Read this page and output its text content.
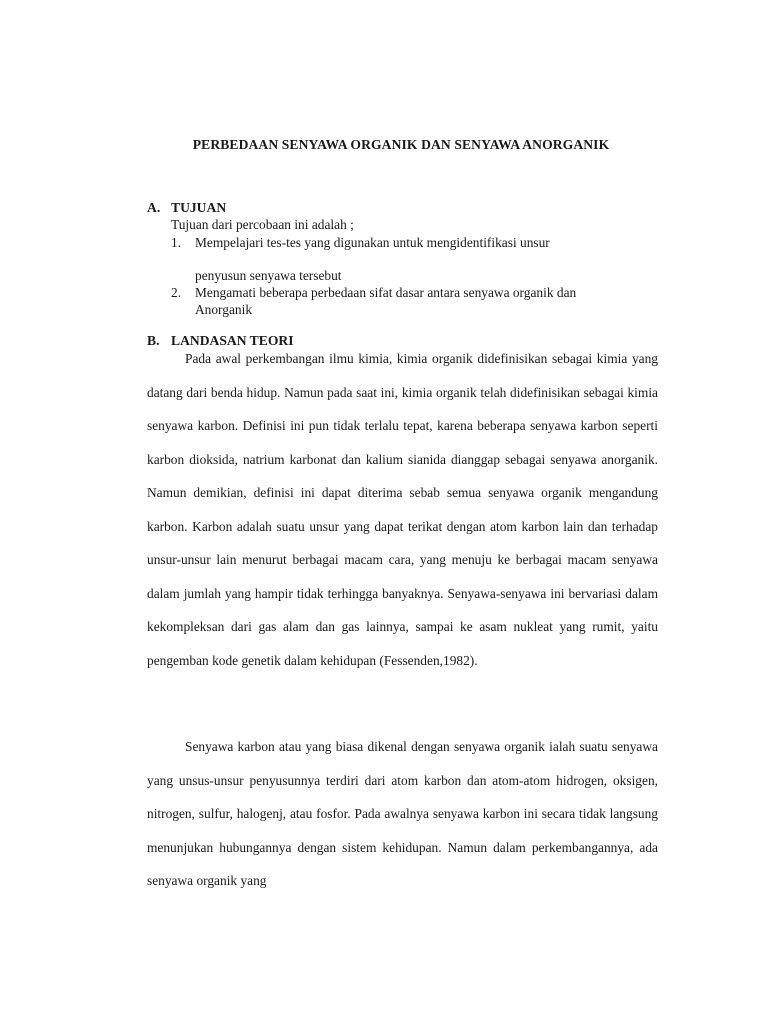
PERBEDAAN SENYAWA ORGANIK DAN SENYAWA ANORGANIK
A. TUJUAN
Tujuan dari percobaan ini adalah ;
1. Mempelajari tes-tes yang digunakan untuk mengidentifikasi unsur
penyusun senyawa tersebut
2. Mengamati beberapa perbedaan sifat dasar antara senyawa organik dan
Anorganik
B. LANDASAN TEORI

Pada awal perkembangan ilmu kimia, kimia organik didefinisikan sebagai kimia yang datang dari benda hidup. Namun pada saat ini, kimia organik telah didefinisikan sebagai kimia senyawa karbon. Definisi ini pun tidak terlalu tepat, karena beberapa senyawa karbon seperti karbon dioksida, natrium karbonat dan kalium sianida dianggap sebagai senyawa anorganik. Namun demikian, definisi ini dapat diterima sebab semua senyawa organik mengandung karbon. Karbon adalah suatu unsur yang dapat terikat dengan atom karbon lain dan terhadap unsur-unsur lain menurut berbagai macam cara, yang menuju ke berbagai macam senyawa dalam jumlah yang hampir tidak terhingga banyaknya. Senyawa-senyawa ini bervariasi dalam kekompleksan dari gas alam dan gas lainnya, sampai ke asam nukleat yang rumit, yaitu pengemban kode genetik dalam kehidupan (Fessenden,1982).

Senyawa karbon atau yang biasa dikenal dengan senyawa organik ialah suatu senyawa yang unsus-unsur penyusunnya terdiri dari atom karbon dan atom-atom hidrogen, oksigen, nitrogen, sulfur, halogenj, atau fosfor. Pada awalnya senyawa karbon ini secara tidak langsung menunjukan hubungannya dengan sistem kehidupan. Namun dalam perkembangannya, ada senyawa organik yang
